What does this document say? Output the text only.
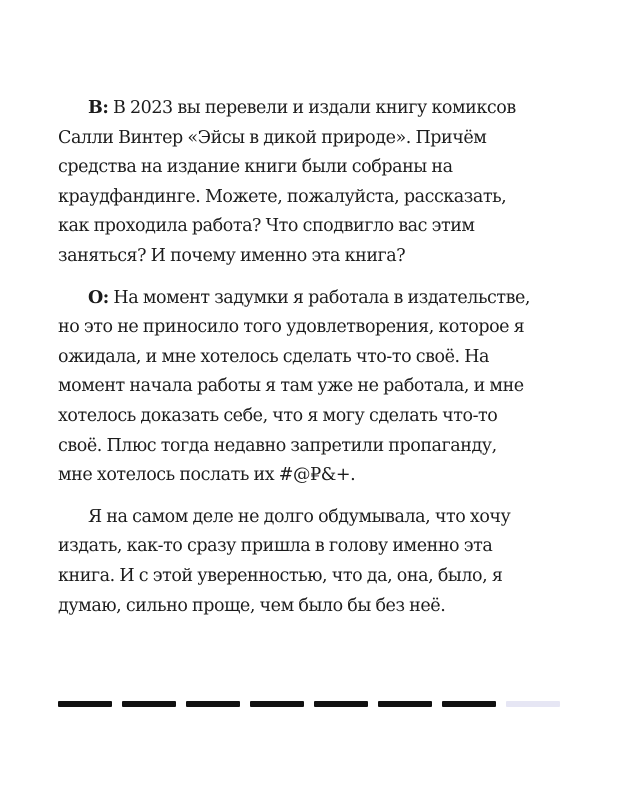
В: В 2023 вы перевели и издали книгу комиксов
Салли Винтер «Эйсы в дикой природе». Причём
средства на издание книги были собраны на
краудфандинге. Можете, пожалуйста, рассказать,
как проходила работа? Что сподвигло вас этим
заняться? И почему именно эта книга?

О: На момент задумки я работала в издательстве,
но это не приносило того удовлетворения, которое я
ожидала, и мне хотелось сделать что-то своё. На
момент начала работы я там уже не работала, и мне
хотелось доказать себе, что я могу сделать что-то
своё. Плюс тогда недавно запретили пропаганду,
мне хотелось послать их #@₽&+.

Я на самом деле не долго обдумывала, что хочу
издать, как-то сразу пришла в голову именно эта
книга. И с этой уверенностью, что да, она, было, я
думаю, сильно проще, чем было бы без неё.
